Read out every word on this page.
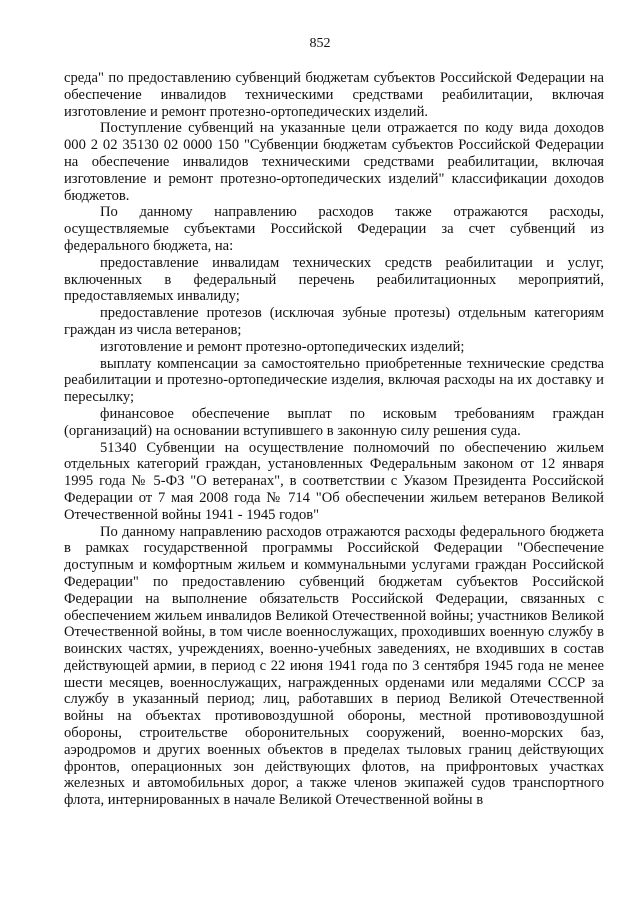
852

среда" по предоставлению субвенций бюджетам субъектов Российской Федерации на обеспечение инвалидов техническими средствами реабилитации, включая изготовление и ремонт протезно-ортопедических изделий.

Поступление субвенций на указанные цели отражается по коду вида доходов 000 2 02 35130 02 0000 150 "Субвенции бюджетам субъектов Российской Федерации на обеспечение инвалидов техническими средствами реабилитации, включая изготовление и ремонт протезно-ортопедических изделий" классификации доходов бюджетов.

По данному направлению расходов также отражаются расходы, осуществляемые субъектами Российской Федерации за счет субвенций из федерального бюджета, на:

предоставление инвалидам технических средств реабилитации и услуг, включенных в федеральный перечень реабилитационных мероприятий, предоставляемых инвалиду;

предоставление протезов (исключая зубные протезы) отдельным категориям граждан из числа ветеранов;

изготовление и ремонт протезно-ортопедических изделий;

выплату компенсации за самостоятельно приобретенные технические средства реабилитации и протезно-ортопедические изделия, включая расходы на их доставку и пересылку;

финансовое обеспечение выплат по исковым требованиям граждан (организаций) на основании вступившего в законную силу решения суда.

51340 Субвенции на осуществление полномочий по обеспечению жильем отдельных категорий граждан, установленных Федеральным законом от 12 января 1995 года № 5-ФЗ "О ветеранах", в соответствии с Указом Президента Российской Федерации от 7 мая 2008 года № 714 "Об обеспечении жильем ветеранов Великой Отечественной войны 1941 - 1945 годов"

По данному направлению расходов отражаются расходы федерального бюджета в рамках государственной программы Российской Федерации "Обеспечение доступным и комфортным жильем и коммунальными услугами граждан Российской Федерации" по предоставлению субвенций бюджетам субъектов Российской Федерации на выполнение обязательств Российской Федерации, связанных с обеспечением жильем инвалидов Великой Отечественной войны; участников Великой Отечественной войны, в том числе военнослужащих, проходивших военную службу в воинских частях, учреждениях, военно-учебных заведениях, не входивших в состав действующей армии, в период с 22 июня 1941 года по 3 сентября 1945 года не менее шести месяцев, военнослужащих, награжденных орденами или медалями СССР за службу в указанный период; лиц, работавших в период Великой Отечественной войны на объектах противовоздушной обороны, местной противовоздушной обороны, строительстве оборонительных сооружений, военно-морских баз, аэродромов и других военных объектов в пределах тыловых границ действующих фронтов, операционных зон действующих флотов, на прифронтовых участках железных и автомобильных дорог, а также членов экипажей судов транспортного флота, интернированных в начале Великой Отечественной войны в
